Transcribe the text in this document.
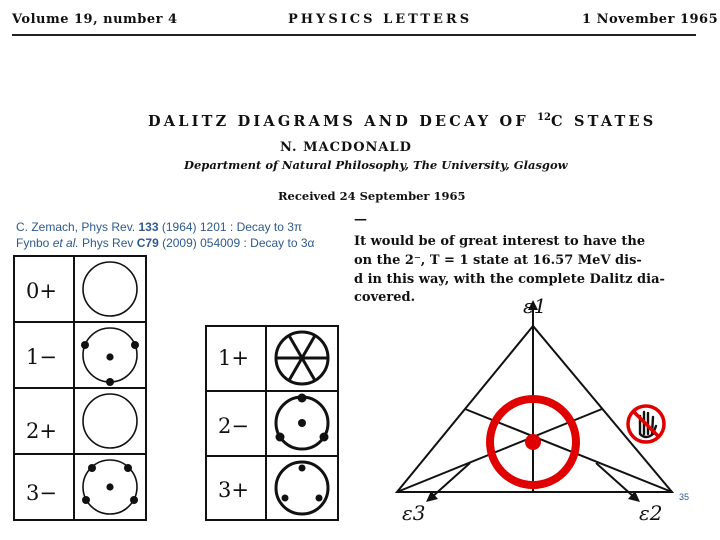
Volume 19, number 4	PHYSICS LETTERS	1 November 1965
DALITZ DIAGRAMS AND DECAY OF $^{12}$C STATES
N. MACDONALD
Department of Natural Philosophy, The University, Glasgow
Received 24 September 1965
C. Zemach, Phys Rev. 133 (1964) 1201 : Decay to 3π
Fynbo et al. Phys Rev C79 (2009) 054009 : Decay to 3α
—
It would be of great interest to have the
on the 2⁻, T = 1 state at 16.57 MeV dis-
d in this way, with the complete Dalitz dia-
covered.
0+
1−
2+
3−
1+
2−
3+
ε1
ε3	ε2
35
